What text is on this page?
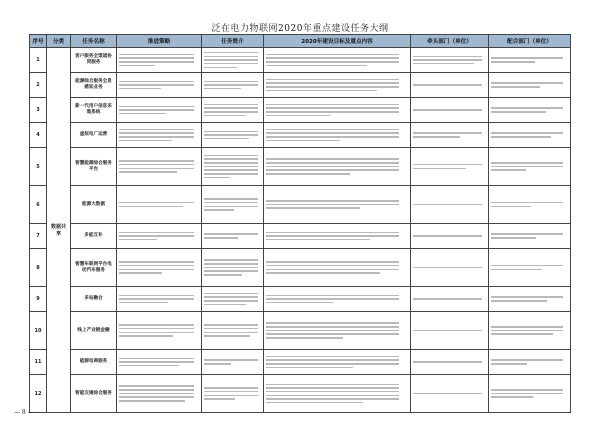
泛在电力物联网2020年重点建设任务大纲
序号	分类	任务名称	推进策略	任务简介	2020年建设目标及重点内容	牵头部门（单位）	配合部门（单位）
1	数据共享	客户服务全渠道协同服务	

2		能源综合服务全息感知业务	

3		新一代用户信息采集系统	

4		虚拟电厂运营	

5		智慧能源综合服务平台	

6		能源大数据	

7		多能互补	

8		智慧车联网平台电动汽车服务	

9		多站融合	

10		线上产业链金融	

11		能源电商服务	

12		智能交通综合服务	

— 8 —
